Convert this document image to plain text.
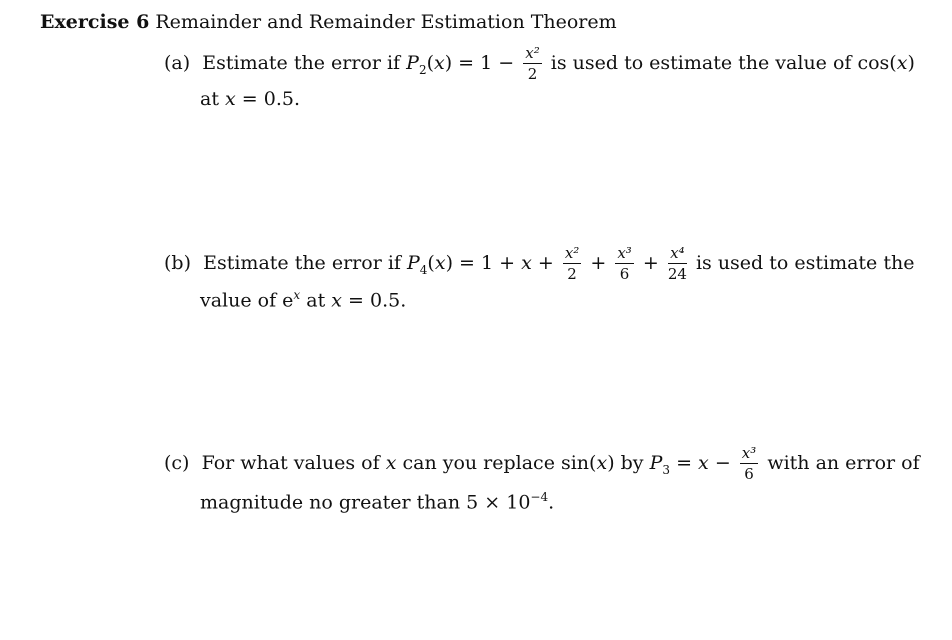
Exercise 6 Remainder and Remainder Estimation Theorem
(a) Estimate the error if $P_2(x) = 1 - \frac{\text{x²}}{2}$ is used to estimate the value of cos(x)
at x = 0.5.
(b) Estimate the error if $P_4(x) = 1 + x + \frac{\text{x²}}{2} + \frac{\text{x³}}{6} + \frac{\text{x⁴}}{24}$ is used to estimate the
value of $e^x$ at x = 0.5.
(c) For what values of x can you replace sin(x) by $P_3 = x - \frac{\text{x³}}{6}$ with an error of
magnitude no greater than $5 \times 10^{-4}$.
